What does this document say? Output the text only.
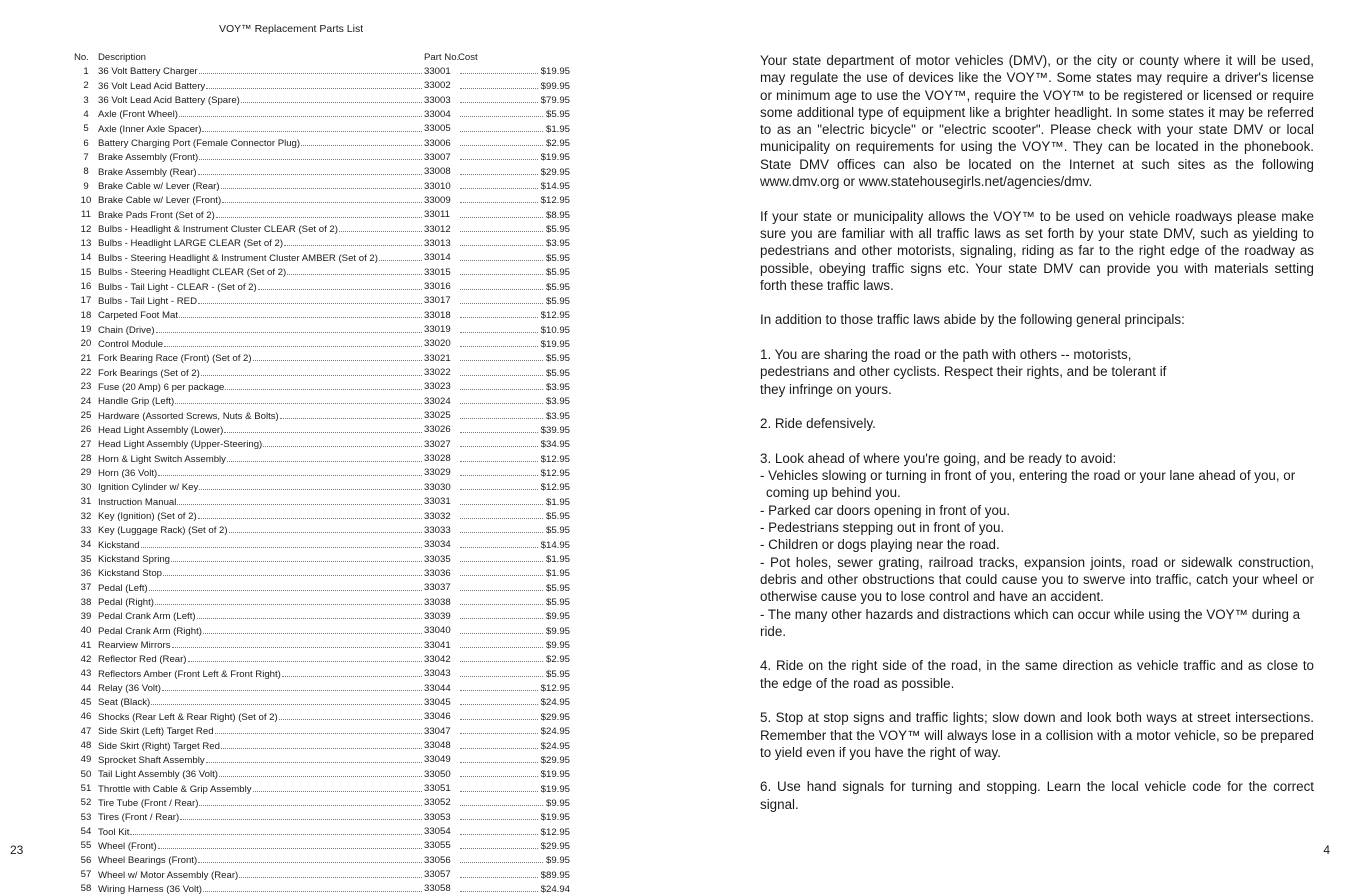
VOY™ Replacement Parts List
No.	Description	Part No.	Cost
1	36 Volt Battery Charger	33001	$19.95

2	36 Volt Lead Acid Battery	33002	$99.95

3	36 Volt Lead Acid Battery (Spare)	33003	$79.95

4	Axle (Front Wheel)	33004	$5.95

5	Axle (Inner Axle Spacer)	33005	$1.95

6	Battery Charging Port (Female Connector Plug)	33006	$2.95

7	Brake Assembly (Front)	33007	$19.95

8	Brake Assembly (Rear)	33008	$29.95

9	Brake Cable w/ Lever (Rear)	33010	$14.95

10	Brake Cable w/ Lever (Front)	33009	$12.95

11	Brake Pads Front (Set of 2)	33011	$8.95

12	Bulbs - Headlight & Instrument Cluster CLEAR (Set of 2)	33012	$5.95

13	Bulbs - Headlight LARGE CLEAR (Set of 2)	33013	$3.95

14	Bulbs - Steering Headlight & Instrument Cluster AMBER (Set of 2)	33014	$5.95

15	Bulbs - Steering Headlight CLEAR (Set of 2)	33015	$5.95

16	Bulbs - Tail Light - CLEAR - (Set of 2)	33016	$5.95

17	Bulbs - Tail Light - RED	33017	$5.95

18	Carpeted Foot Mat	33018	$12.95

19	Chain (Drive)	33019	$10.95

20	Control Module	33020	$19.95

21	Fork Bearing Race (Front) (Set of 2)	33021	$5.95

22	Fork Bearings (Set of 2)	33022	$5.95

23	Fuse (20 Amp) 6 per package	33023	$3.95

24	Handle Grip (Left)	33024	$3.95

25	Hardware (Assorted Screws, Nuts & Bolts)	33025	$3.95

26	Head Light Assembly (Lower)	33026	$39.95

27	Head Light Assembly (Upper-Steering)	33027	$34.95

28	Horn & Light Switch Assembly	33028	$12.95

29	Horn (36 Volt)	33029	$12.95

30	Ignition Cylinder w/ Key	33030	$12.95

31	Instruction Manual	33031	$1.95

32	Key (Ignition) (Set of 2)	33032	$5.95

33	Key (Luggage Rack) (Set of 2)	33033	$5.95

34	Kickstand	33034	$14.95

35	Kickstand Spring	33035	$1.95

36	Kickstand Stop	33036	$1.95

37	Pedal (Left)	33037	$5.95

38	Pedal (Right)	33038	$5.95

39	Pedal Crank Arm (Left)	33039	$9.95

40	Pedal Crank Arm (Right)	33040	$9.95

41	Rearview Mirrors	33041	$9.95

42	Reflector Red (Rear)	33042	$2.95

43	Reflectors Amber (Front Left & Front Right)	33043	$5.95

44	Relay (36 Volt)	33044	$12.95

45	Seat (Black)	33045	$24.95

46	Shocks (Rear Left & Rear Right) (Set of 2)	33046	$29.95

47	Side Skirt (Left) Target Red	33047	$24.95

48	Side Skirt (Right) Target Red	33048	$24.95

49	Sprocket Shaft Assembly	33049	$29.95

50	Tail Light Assembly (36 Volt)	33050	$19.95

51	Throttle with Cable & Grip Assembly	33051	$19.95

52	Tire Tube (Front / Rear)	33052	$9.95

53	Tires (Front / Rear)	33053	$19.95

54	Tool Kit	33054	$12.95

55	Wheel (Front)	33055	$29.95

56	Wheel Bearings (Front)	33056	$9.95

57	Wheel w/ Motor Assembly (Rear)	33057	$89.95

58	Wiring Harness (36 Volt)	33058	$24.94
23

Your state department of motor vehicles (DMV), or the city or county where it will be used, may regulate the use of devices like the VOY™. Some states may require a driver's license or minimum age to use the VOY™, require the VOY™ to be registered or licensed or require some additional type of equipment like a brighter headlight. In some states it may be referred to as an "electric bicycle" or "electric scooter". Please check with your state DMV or local municipality on requirements for using the VOY™. They can be located in the phonebook. State DMV offices can also be located on the Internet at such sites as the following www.dmv.org or www.statehousegirls.net/agencies/dmv.

If your state or municipality allows the VOY™ to be used on vehicle roadways please make sure you are familiar with all traffic laws as set forth by your state DMV, such as yielding to pedestrians and other motorists, signaling, riding as far to the right edge of the roadway as possible, obeying traffic signs etc. Your state DMV can provide you with materials setting forth these traffic laws.

In addition to those traffic laws abide by the following general principals:

1. You are sharing the road or the path with others -- motorists,
pedestrians and other cyclists. Respect their rights, and be tolerant if
they infringe on yours.

2. Ride defensively.

3. Look ahead of where you're going, and be ready to avoid:
- Vehicles slowing or turning in front of you, entering the road or your lane ahead of you, or
coming up behind you.
- Parked car doors opening in front of you.
- Pedestrians stepping out in front of you.
- Children or dogs playing near the road.
- Pot holes, sewer grating, railroad tracks, expansion joints, road or sidewalk construction, debris and other obstructions that could cause you to swerve into traffic, catch your wheel or otherwise cause you to lose control and have an accident.
- The many other hazards and distractions which can occur while using the VOY™ during a ride.

4. Ride on the right side of the road, in the same direction as vehicle traffic and as close to the edge of the road as possible.

5. Stop at stop signs and traffic lights; slow down and look both ways at street intersections. Remember that the VOY™ will always lose in a collision with a motor vehicle, so be prepared to yield even if you have the right of way.

6. Use hand signals for turning and stopping. Learn the local vehicle code for the correct signal.

4
